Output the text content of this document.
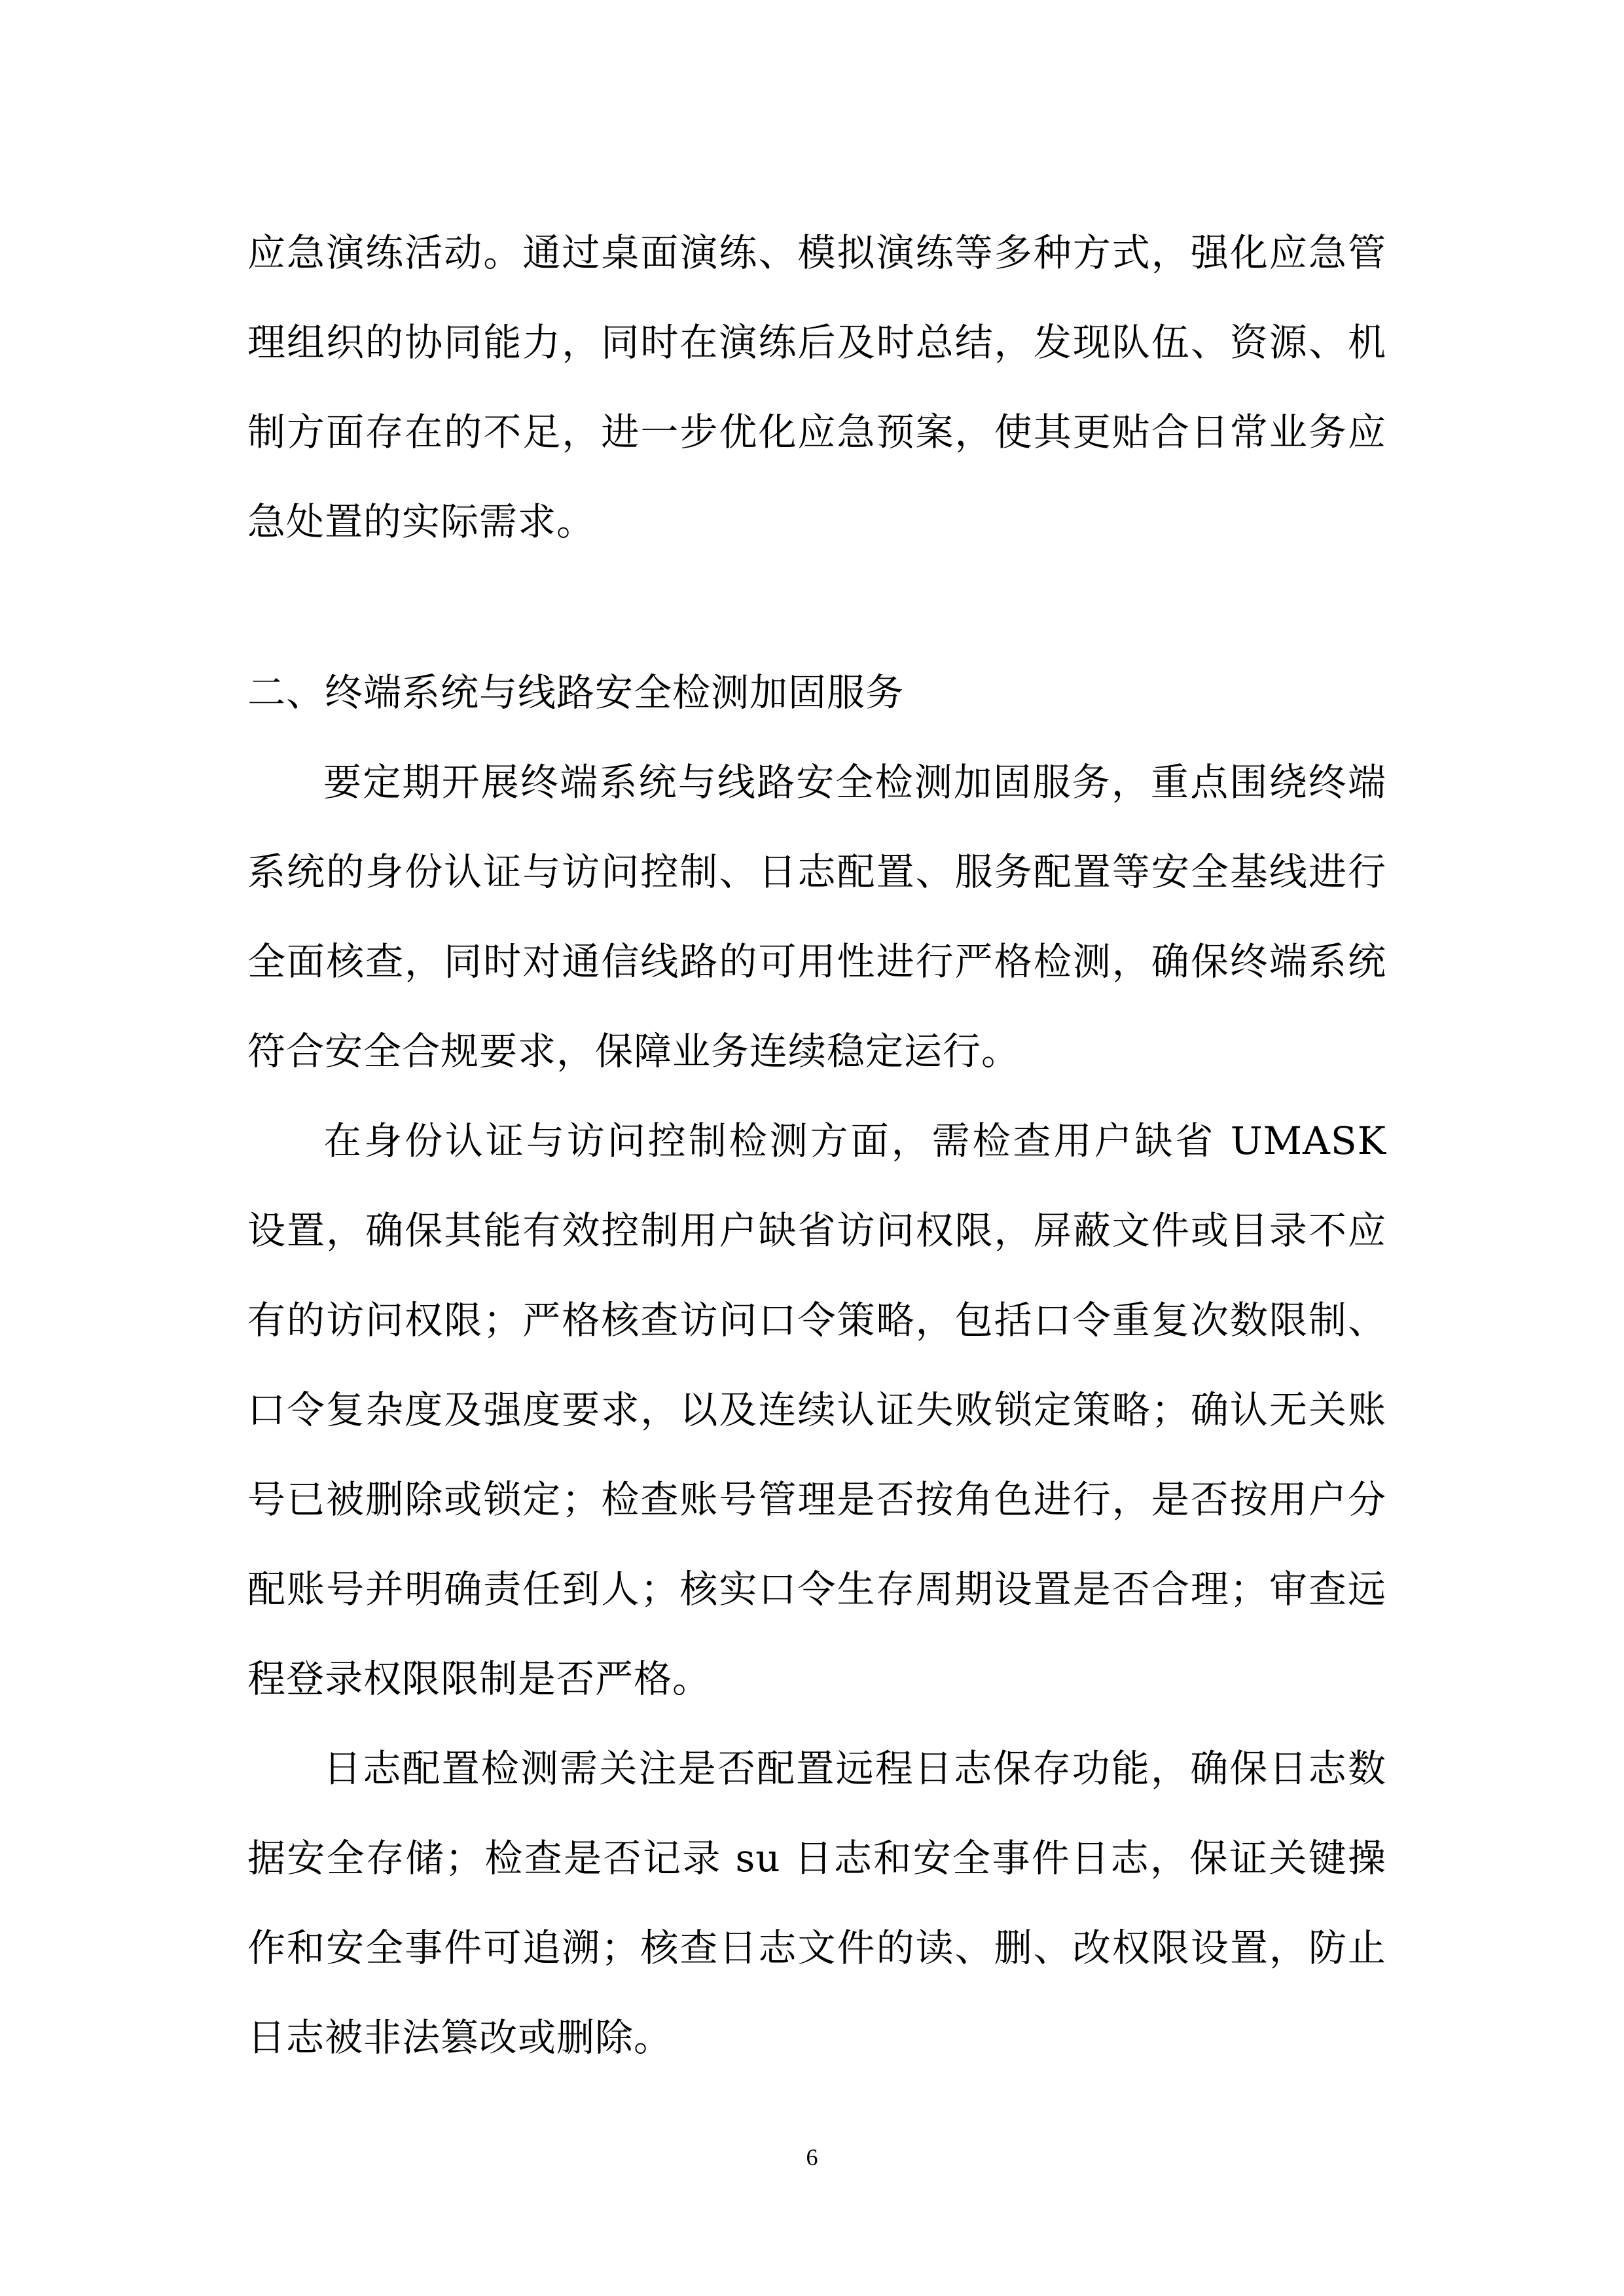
应急演练活动。通过桌面演练、模拟演练等多种方式，强化应急管理组织的协同能力，同时在演练后及时总结，发现队伍、资源、机制方面存在的不足，进一步优化应急预案，使其更贴合日常业务应急处置的实际需求。

二、终端系统与线路安全检测加固服务

要定期开展终端系统与线路安全检测加固服务，重点围绕终端系统的身份认证与访问控制、日志配置、服务配置等安全基线进行全面核查，同时对通信线路的可用性进行严格检测，确保终端系统符合安全合规要求，保障业务连续稳定运行。

在身份认证与访问控制检测方面，需检查用户缺省 UMASK 设置，确保其能有效控制用户缺省访问权限，屏蔽文件或目录不应有的访问权限；严格核查访问口令策略，包括口令重复次数限制、口令复杂度及强度要求，以及连续认证失败锁定策略；确认无关账号已被删除或锁定；检查账号管理是否按角色进行，是否按用户分配账号并明确责任到人；核实口令生存周期设置是否合理；审查远程登录权限限制是否严格。

日志配置检测需关注是否配置远程日志保存功能，确保日志数据安全存储；检查是否记录 su 日志和安全事件日志，保证关键操作和安全事件可追溯；核查日志文件的读、删、改权限设置，防止日志被非法篡改或删除。

6
